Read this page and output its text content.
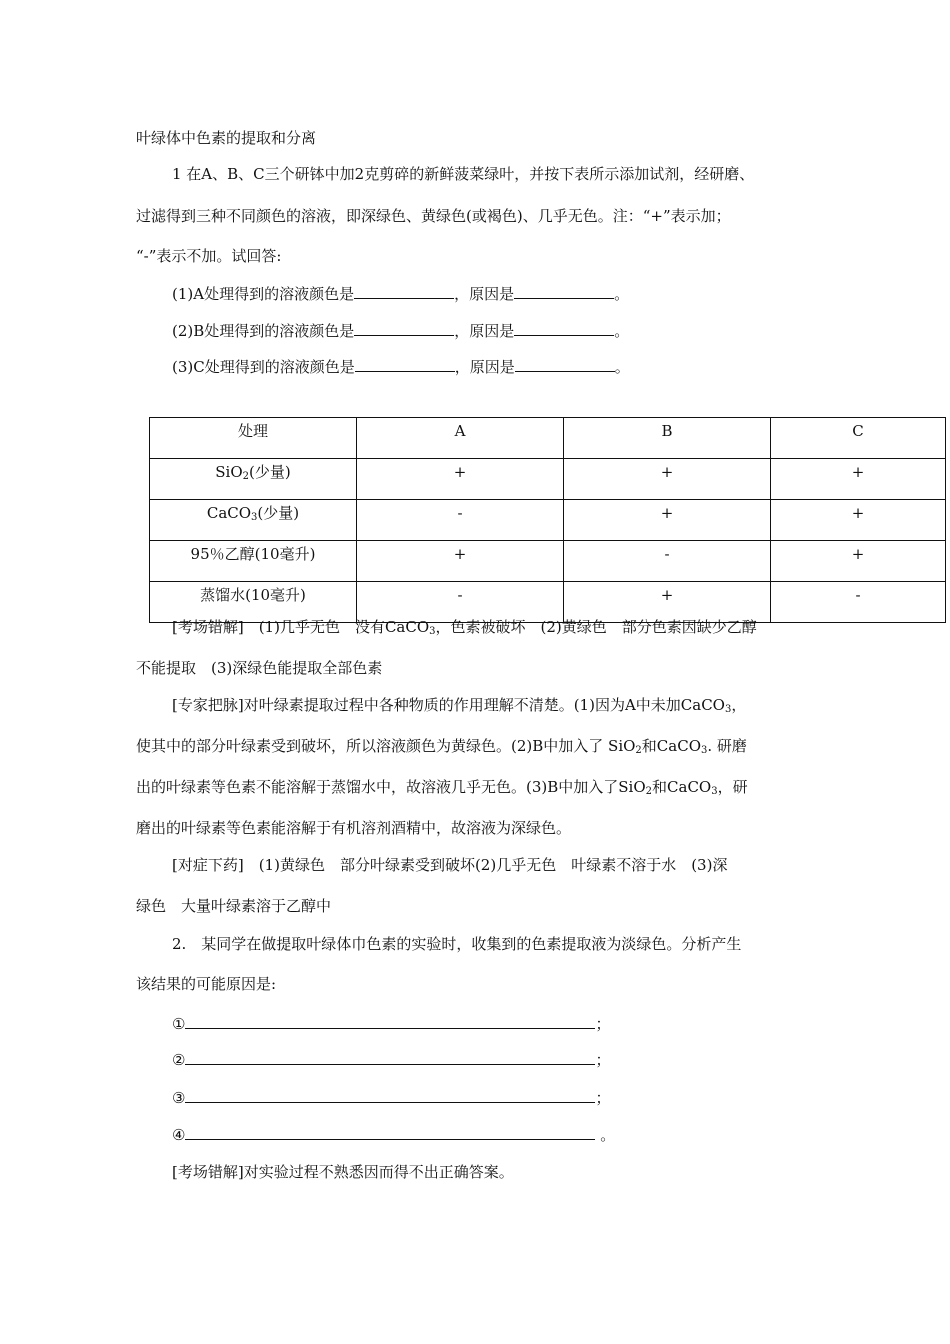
叶绿体中色素的提取和分离
1 在A、B、C三个研钵中加2克剪碎的新鲜菠菜绿叶，并按下表所示添加试剂，经研磨、
过滤得到三种不同颜色的溶液，即深绿色、黄绿色(或褐色)、几乎无色。注：“+”表示加；
“-”表示不加。试回答:
(1)A处理得到的溶液颜色是	，原因是	。
(2)B处理得到的溶液颜色是	，原因是	。
(3)C处理得到的溶液颜色是	，原因是	。
处理	A	B	C
SiO$_2$(少量)	+	+	+
CaCO$_3$(少量)	-	+	+
95％乙醇(10毫升)	+	-	+
蒸馏水(10毫升)	-	+	-
[考场错解]　(1)几乎无色　没有CaCO$_3$，色素被破坏　(2)黄绿色　部分色素因缺少乙醇
不能提取　(3)深绿色能提取全部色素
[专家把脉]对叶绿素提取过程中各种物质的作用理解不清楚。(1)因为A中未加CaCO$_3$，
使其中的部分叶绿素受到破坏，所以溶液颜色为黄绿色。(2)B中加入了 SiO$_2$和CaCO$_3$. 研磨
出的叶绿素等色素不能溶解于蒸馏水中，故溶液几乎无色。(3)B中加入了SiO$_2$和CaCO$_3$，研
磨出的叶绿素等色素能溶解于有机溶剂酒精中，故溶液为深绿色。
[对症下药]　(1)黄绿色　部分叶绿素受到破坏(2)几乎无色　叶绿素不溶于水　(3)深
绿色　大量叶绿素溶于乙醇中
2.　某同学在做提取叶绿体巾色素的实验时，收集到的色素提取液为淡绿色。分析产生
该结果的可能原因是:
①	；
②	；
③	；
④	。
[考场错解]对实验过程不熟悉因而得不出正确答案。
